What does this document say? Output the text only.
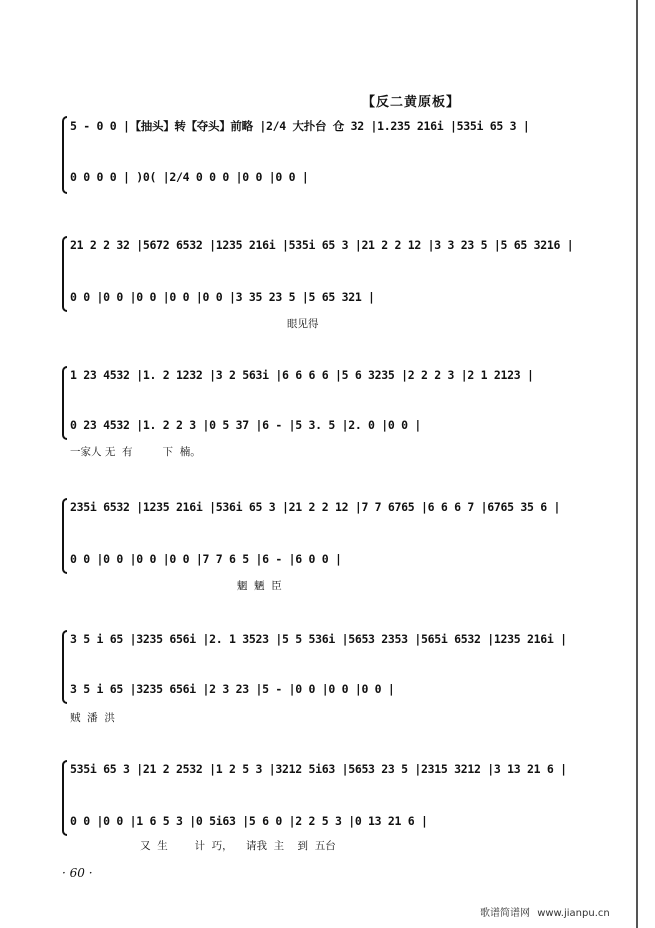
【反二黄原板】
5 - 0 0 |【抽头】转【夺头】前略 |2/4 大扑台 仓 32 |1.235 216i |535i 65 3 |
0 0 0 0 | )0( |2/4 0 0 0 |0 0 |0 0 |
21 2 2 32 |5672 6532 |1235 216i |535i 65 3 |21 2 2 12 |3 3 23 5 |5 65 3216 |
0 0 |0 0 |0 0 |0 0 |0 0 |3 35 23 5 |5 65 321 |
眼见得
1 23 4532 |1. 2 1232 |3 2 563i |6 6 6 6 |5 6 3235 |2 2 2 3 |2 1 2123 |
0 23 4532 |1. 2 2 3 |0 5 37 |6 - |5 3. 5 |2. 0 |0 0 |
一家人 无  有         下  楠。
235i 6532 |1235 216i |536i 65 3 |21 2 2 12 |7 7 6765 |6 6 6 7 |6765 35 6 |
0 0 |0 0 |0 0 |0 0 |7 7 6 5 |6 - |6 0 0 |
魍  魉  臣
3 5 i 65 |3235 656i |2. 1 3523 |5 5 536i |5653 2353 |565i 6532 |1235 216i |
3 5 i 65 |3235 656i |2 3 23 |5 - |0 0 |0 0 |0 0 |
贼  潘  洪
535i 65 3 |21 2 2532 |1 2 5 3 |3212 5i63 |5653 23 5 |2315 3212 |3 13 21 6 |
0 0 |0 0 |1 6 5 3 |0 5i63 |5 6 0 |2 2 5 3 |0 13 21 6 |
又  生        计  巧，    请我  主    到  五台
· 60 ·
歌谱简谱网 www.jianpu.cn
